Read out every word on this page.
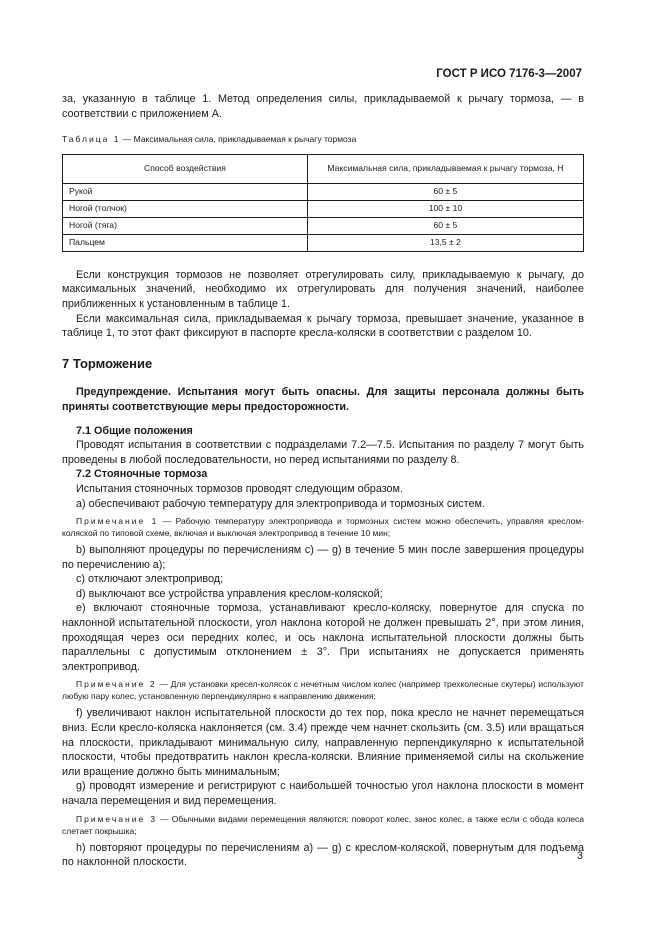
ГОСТ Р ИСО 7176-3—2007

за, указанную в таблице 1. Метод определения силы, прикладываемой к рычагу тормоза, — в соответствии с приложением А.

Таблица 1 — Максимальная сила, прикладываемая к рычагу тормоза
Способ воздействия	Максимальная сила, прикладываемая к рычагу тормоза, Н
Рукой	60 ± 5
Ногой (толчок)	100 ± 10
Ногой (тяга)	60 ± 5
Пальцем	13,5 ± 2

Если конструкция тормозов не позволяет отрегулировать силу, прикладываемую к рычагу, до максимальных значений, необходимо их отрегулировать для получения значений, наиболее приближенных к установленным в таблице 1.

Если максимальная сила, прикладываемая к рычагу тормоза, превышает значение, указанное в таблице 1, то этот факт фиксируют в паспорте кресла-коляски в соответствии с разделом 10.

7 Торможение

Предупреждение. Испытания могут быть опасны. Для защиты персонала должны быть приняты соответствующие меры предосторожности.

7.1 Общие положения

Проводят испытания в соответствии с подразделами 7.2—7.5. Испытания по разделу 7 могут быть проведены в любой последовательности, но перед испытаниями по разделу 8.

7.2 Стояночные тормоза

Испытания стояночных тормозов проводят следующим образом.

а) обеспечивают рабочую температуру для электропривода и тормозных систем.

Примечание 1 — Рабочую температуру электропривода и тормозных систем можно обеспечить, управляя креслом-коляской по типовой схеме, включая и выключая электропривод в течение 10 мин;

b) выполняют процедуры по перечислениям с) — g) в течение 5 мин после завершения процедуры по перечислению а);

с) отключают электропривод;

d) выключают все устройства управления креслом-коляской;

е) включают стояночные тормоза, устанавливают кресло-коляску, повернутое для спуска по наклонной испытательной плоскости, угол наклона которой не должен превышать 2°, при этом линия, проходящая через оси передних колес, и ось наклона испытательной плоскости должны быть параллельны с допустимым отклонением ± 3°. При испытаниях не допускается применять электропривод.

Примечание 2 — Для установки кресел-колясок с нечетным числом колес (например трехколесные скутеры) используют любую пару колес, установленную перпендикулярно к направлению движения;

f) увеличивают наклон испытательной плоскости до тех пор, пока кресло не начнет перемещаться вниз. Если кресло-коляска наклоняется (см. 3.4) прежде чем начнет скользить (см. 3.5) или вращаться на плоскости, прикладывают минимальную силу, направленную перпендикулярно к испытательной плоскости, чтобы предотвратить наклон кресла-коляски. Влияние применяемой силы на скольжение или вращение должно быть минимальным;

g) проводят измерение и регистрируют с наибольшей точностью угол наклона плоскости в момент начала перемещения и вид перемещения.

Примечание 3 — Обычными видами перемещения являются: поворот колес, занос колес, а также если с обода колеса слетает покрышка;

h) повторяют процедуры по перечислениям а) — g) с креслом-коляской, повернутым для подъема по наклонной плоскости.

3
